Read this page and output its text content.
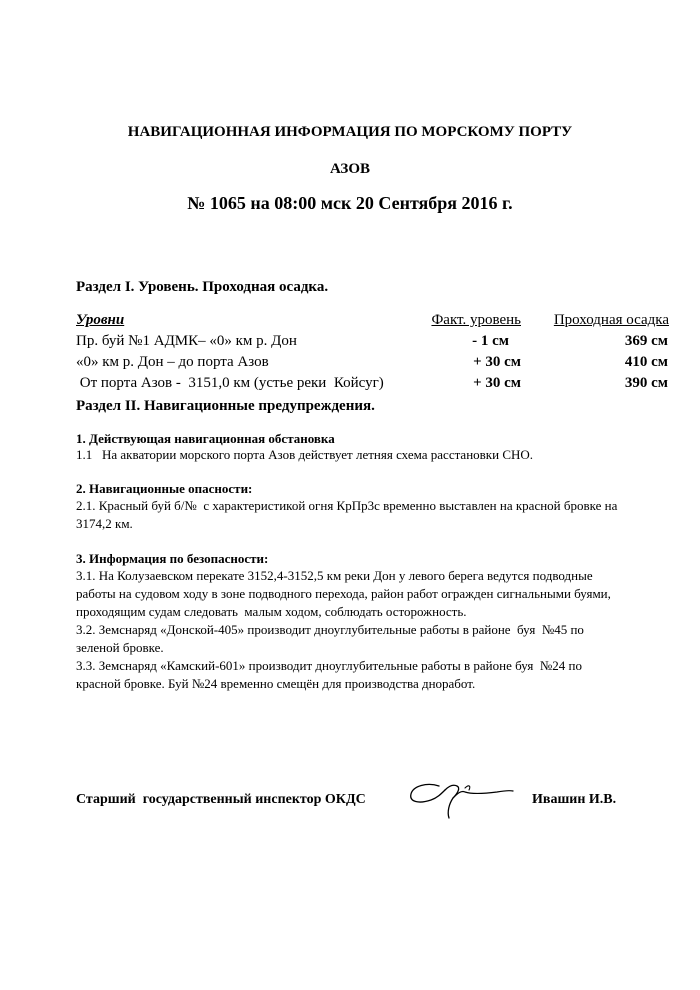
НАВИГАЦИОННАЯ ИНФОРМАЦИЯ ПО МОРСКОМУ ПОРТУ
АЗОВ
№ 1065 на 08:00 мск 20 Сентября 2016 г.
Раздел I. Уровень. Проходная осадка.
Уровни	Факт. уровень	Проходная осадка
Пр. буй №1 АДМК– «0» км р. Дон	- 1 см	369 см
«0» км р. Дон – до порта Азов	+ 30 см	410 см
От порта Азов -  3151,0 км (устье реки  Койсуг)	+ 30 см	390 см
Раздел II. Навигационные предупреждения.
1. Действующая навигационная обстановка
1.1   На акватории морского порта Азов действует летняя схема расстановки СНО.
2. Навигационные опасности:
2.1. Красный буй б/№  с характеристикой огня КрПр3с временно выставлен на красной бровке на
3174,2 км.
3. Информация по безопасности:
3.1. На Колузаевском перекате 3152,4-3152,5 км реки Дон у левого берега ведутся подводные
работы на судовом ходу в зоне подводного перехода, район работ огражден сигнальными буями,
проходящим судам следовать  малым ходом, соблюдать осторожность.
3.2. Земснаряд «Донской-405» производит дноуглубительные работы в районе  буя  №45 по
зеленой бровке.
3.3. Земснаряд «Камский-601» производит дноуглубительные работы в районе буя  №24 по
красной бровке. Буй №24 временно смещён для производства дноработ.
Старший  государственный инспектор ОКДС	Ивашин И.В.
